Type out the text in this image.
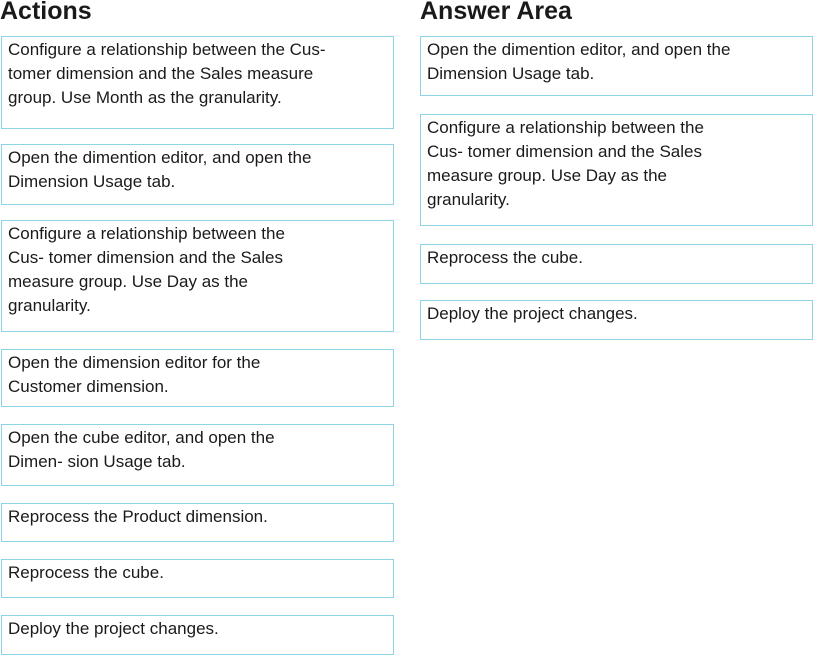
Actions	Answer Area
Configure a relationship between the Cus-
tomer dimension and the Sales measure
group. Use Month as the granularity.
Open the dimention editor, and open the
Dimension Usage tab.
Configure a relationship between the
Cus- tomer dimension and the Sales
measure group. Use Day as the
granularity.
Open the dimension editor for the
Customer dimension.
Open the cube editor, and open the
Dimen- sion Usage tab.
Reprocess the Product dimension.
Reprocess the cube.
Deploy the project changes.
Open the dimention editor, and open the
Dimension Usage tab.
Configure a relationship between the
Cus- tomer dimension and the Sales
measure group. Use Day as the
granularity.
Reprocess the cube.
Deploy the project changes.
